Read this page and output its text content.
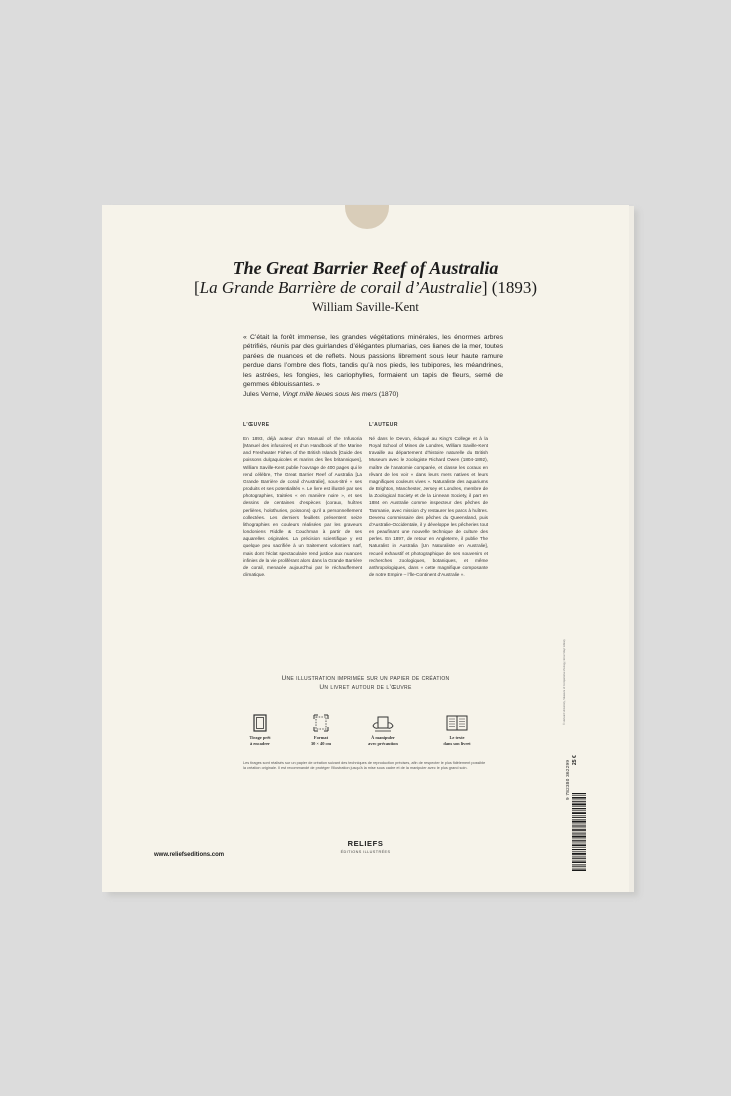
The Great Barrier Reef of Australia
[La Grande Barrière de corail d’Australie] (1893)
William Saville-Kent
« C’était la forêt immense, les grandes végétations minérales, les énormes arbres pétrifiés, réunis par des guirlandes d’élégantes plumarias, ces lianes de la mer, toutes parées de nuances et de reflets. Nous passions librement sous leur haute ramure perdue dans l’ombre des flots, tandis qu’à nos pieds, les tubipores, les méandrines, les astrées, les fongies, les cariophylles, formaient un tapis de fleurs, semé de gemmes éblouissantes. »
Jules Verne, Vingt mille lieues sous les mers (1870)
L’ŒUVRE
En 1893, déjà auteur d’un Manual of the Infusoria [Manuel des infusoires] et d’un Handbook of the Marine and Freshwater Fishes of the British Islands [Guide des poissons dulçaquicoles et marins des îles britanniques], William Saville-Kent publie l’ouvrage de 400 pages qui le rend célèbre, The Great Barrier Reef of Australia [La Grande Barrière de corail d’Australie], sous-titré « ses produits et ses potentialités ». Le livre est illustré par ses photographies, traitées « en manière noire », et ses dessins de centaines d’espèces (coraux, huîtres perlières, holothuries, poissons) qu’il a personnellement collectées. Les derniers feuillets présentent seize lithographies en couleurs réalisées par les graveurs londoniens Riddle & Couchman à partir de ses aquarelles originales. La précision scientifique y est quelque peu sacrifiée à un traitement volontiers naïf, mais dont l’éclat spectaculaire rend justice aux nuances infinies de la vie proliférant alors dans la Grande Barrière de corail, menacée aujourd’hui par le réchauffement climatique.
L’AUTEUR
Né dans le Devon, éduqué au King’s College et à la Royal School of Mines de Londres, William Saville-Kent travaille au département d’histoire naturelle du British Museum avec le zoologiste Richard Owen (1804-1892), maître de l’anatomie comparée, et classe les coraux en rêvant de les voir « dans leurs mers natives et leurs magnifiques couleurs vives ». Naturaliste des aquariums de Brighton, Manchester, Jersey et Londres, membre de la Zoological Society et de la Linnean Society, il part en 1884 en Australie comme inspecteur des pêches de Tasmanie, avec mission d’y restaurer les parcs à huîtres. Devenu commissaire des pêches du Queensland, puis d’Australie-Occidentale, il y développe les pêcheries tout en peaufinant une nouvelle technique de culture des perles. En 1897, de retour en Angleterre, il publie The Naturalist in Australia [Un Naturaliste en Australie], recueil exhaustif et photographique de ses souvenirs et recherches zoologiques, botaniques, et même anthropologiques, dans « cette magnifique composante de notre Empire – l’Île-Continent d’Australie ».
Une illustration imprimée sur un papier de création
Un livret autour de l’œuvre
Tirage prêt
à encadrer
Format
30 × 40 cm
À manipuler
avec précaution
Le texte
dans son livret
Les tirages sont réalisés sur un papier de création suivant des techniques de reproduction précises, afin de respecter le plus fidèlement possible la création originale. Il est recommandé de protéger l’illustration jusqu’à la mise sous cadre et de la manipuler avec le plus grand soin.
© Harvard University, Museum of Comparative Zoology, Ernst Mayr Library
25 €
9 782380 362299
www.reliefseditions.com
RELIEFS
ÉDITIONS ILLUSTRÉES
